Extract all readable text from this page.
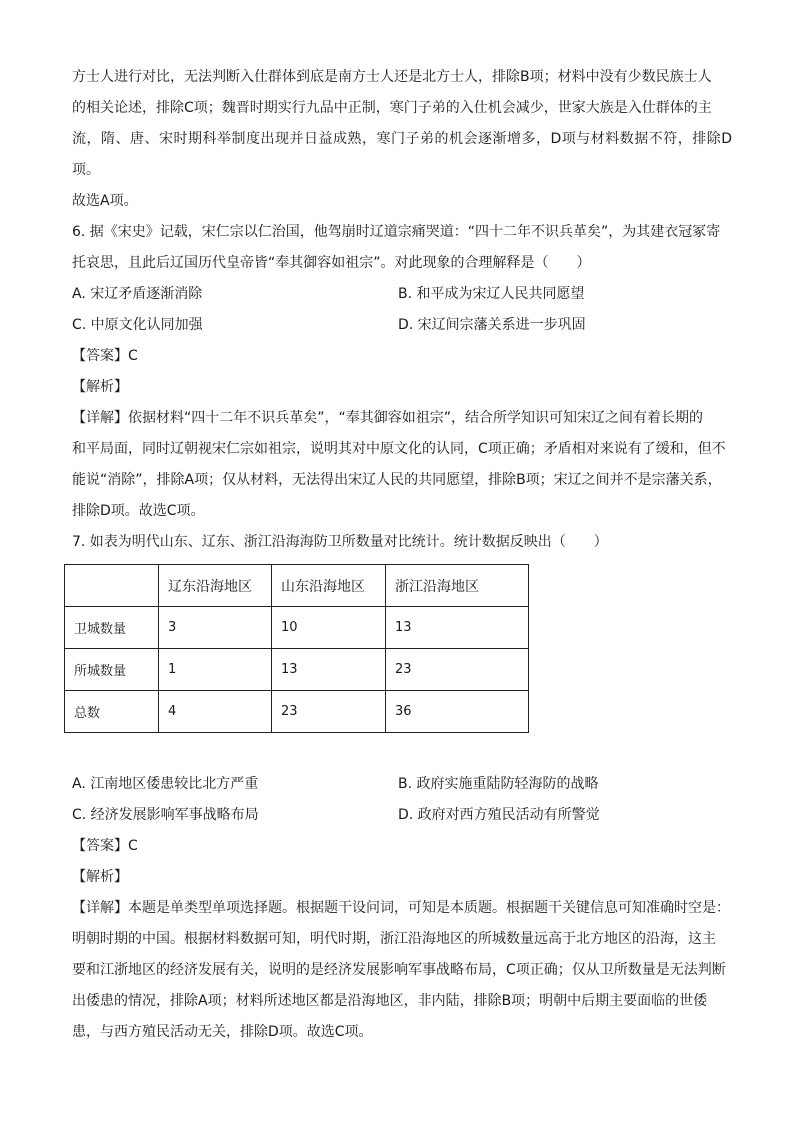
方士人进行对比，无法判断入仕群体到底是南方士人还是北方士人，排除B项；材料中没有少数民族士人

的相关论述，排除C项；魏晋时期实行九品中正制，寒门子弟的入仕机会减少，世家大族是入仕群体的主

流，隋、唐、宋时期科举制度出现并日益成熟，寒门子弟的机会逐渐增多，D项与材料数据不符，排除D项。

故选A项。

6. 据《宋史》记载，宋仁宗以仁治国，他驾崩时辽道宗痛哭道：“四十二年不识兵革矣”，为其建衣冠冢寄

托哀思，且此后辽国历代皇帝皆“奉其御容如祖宗”。对此现象的合理解释是（　　）

A. 宋辽矛盾逐渐消除	B. 和平成为宋辽人民共同愿望
C. 中原文化认同加强	D. 宋辽间宗藩关系进一步巩固

【答案】C

【解析】

【详解】依据材料“四十二年不识兵革矣”，“奉其御容如祖宗”，结合所学知识可知宋辽之间有着长期的

和平局面，同时辽朝视宋仁宗如祖宗，说明其对中原文化的认同，C项正确；矛盾相对来说有了缓和，但不

能说“消除”，排除A项；仅从材料，无法得出宋辽人民的共同愿望，排除B项；宋辽之间并不是宗藩关系，

排除D项。故选C项。

7. 如表为明代山东、辽东、浙江沿海海防卫所数量对比统计。统计数据反映出（　　）

	辽东沿海地区	山东沿海地区	浙江沿海地区
卫城数量	3	10	13
所城数量	1	13	23
总数	4	23	36
A. 江南地区倭患较比北方严重	B. 政府实施重陆防轻海防的战略
C. 经济发展影响军事战略布局	D. 政府对西方殖民活动有所警觉

【答案】C

【解析】

【详解】本题是单类型单项选择题。根据题干设问词，可知是本质题。根据题干关键信息可知准确时空是：

明朝时期的中国。根据材料数据可知，明代时期，浙江沿海地区的所城数量远高于北方地区的沿海，这主

要和江浙地区的经济发展有关，说明的是经济发展影响军事战略布局，C项正确；仅从卫所数量是无法判断

出倭患的情况，排除A项；材料所述地区都是沿海地区，非内陆，排除B项；明朝中后期主要面临的世倭

患，与西方殖民活动无关，排除D项。故选C项。
